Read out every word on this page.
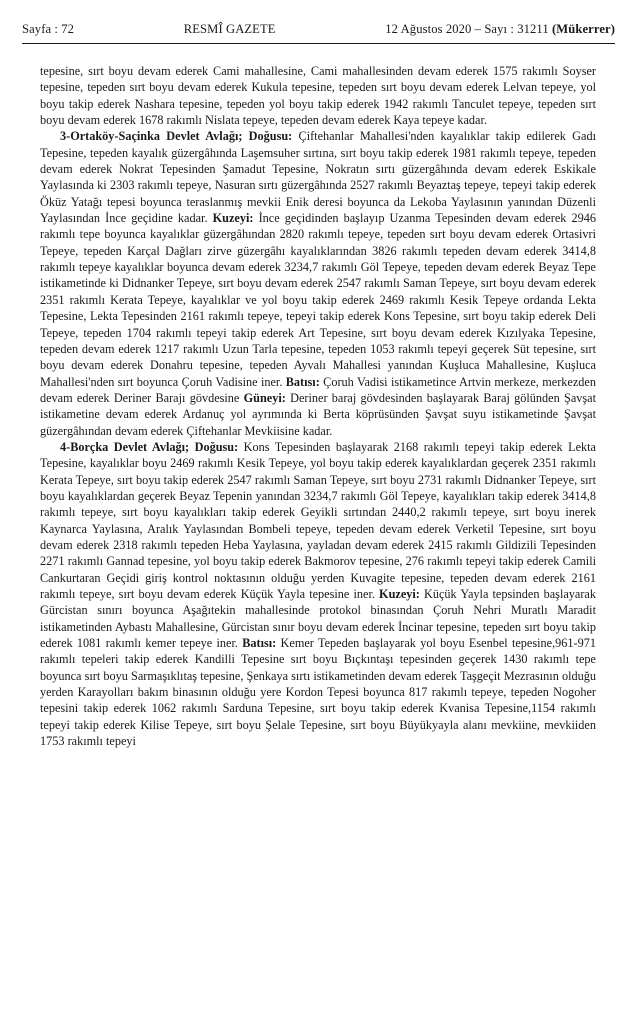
Sayfa : 72	RESMÎ GAZETE	12 Ağustos 2020 – Sayı : 31211 (Mükerrer)

tepesine, sırt boyu devam ederek Cami mahallesine, Cami mahallesinden devam ederek 1575 rakımlı Soyser tepesine, tepeden sırt boyu devam ederek Kukula tepesine, tepeden sırt boyu devam ederek Lelvan tepeye, yol boyu takip ederek Nashara tepesine, tepeden yol boyu takip ederek 1942 rakımlı Tanculet tepeye, tepeden sırt boyu devam ederek 1678 rakımlı Nislata tepeye, tepeden devam ederek Kaya tepeye kadar.

3-Ortaköy-Saçinka Devlet Avlağı; Doğusu: Çiftehanlar Mahallesi'nden kayalıklar takip edilerek Gadı Tepesine, tepeden kayalık güzergâhında Laşemsuher sırtına, sırt boyu takip ederek 1981 rakımlı tepeye, tepeden devam ederek Nokrat Tepesinden Şamadut Tepesine, Nokratın sırtı güzergâhında devam ederek Eskikale Yaylasında ki 2303 rakımlı tepeye, Nasuran sırtı güzergâhında 2527 rakımlı Beyaztaş tepeye, tepeyi takip ederek Öküz Yatağı tepesi boyunca teraslanmış mevkii Enik deresi boyunca da Lekoba Yaylasının yanından Düzenli Yaylasından İnce geçidine kadar. Kuzeyi: İnce geçidinden başlayıp Uzanma Tepesinden devam ederek 2946 rakımlı tepe boyunca kayalıklar güzergâhından 2820 rakımlı tepeye, tepeden sırt boyu devam ederek Ortasivri Tepeye, tepeden Karçal Dağları zirve güzergâhı kayalıklarından 3826 rakımlı tepeden devam ederek 3414,8 rakımlı tepeye kayalıklar boyunca devam ederek 3234,7 rakımlı Göl Tepeye, tepeden devam ederek Beyaz Tepe istikametinde ki Didnanker Tepeye, sırt boyu devam ederek 2547 rakımlı Saman Tepeye, sırt boyu devam ederek 2351 rakımlı Kerata Tepeye, kayalıklar ve yol boyu takip ederek 2469 rakımlı Kesik Tepeye ordanda Lekta Tepesine, Lekta Tepesinden 2161 rakımlı tepeye, tepeyi takip ederek Kons Tepesine, sırt boyu takip ederek Deli Tepeye, tepeden 1704 rakımlı tepeyi takip ederek Art Tepesine, sırt boyu devam ederek Kızılyaka Tepesine, tepeden devam ederek 1217 rakımlı Uzun Tarla tepesine, tepeden 1053 rakımlı tepeyi geçerek Süt tepesine, sırt boyu devam ederek Donahru tepesine, tepeden Ayvalı Mahallesi yanından Kuşluca Mahallesine, Kuşluca Mahallesi'nden sırt boyunca Çoruh Vadisine iner. Batısı: Çoruh Vadisi istikametince Artvin merkeze, merkezden devam ederek Deriner Barajı gövdesine Güneyi: Deriner baraj gövdesinden başlayarak Baraj gölünden Şavşat istikametine devam ederek Ardanuç yol ayrımında ki Berta köprüsünden Şavşat suyu istikametinde Şavşat güzergâhından devam ederek Çiftehanlar Mevkiisine kadar.

4-Borçka Devlet Avlağı; Doğusu: Kons Tepesinden başlayarak 2168 rakımlı tepeyi takip ederek Lekta Tepesine, kayalıklar boyu 2469 rakımlı Kesik Tepeye, yol boyu takip ederek kayalıklardan geçerek 2351 rakımlı Kerata Tepeye, sırt boyu takip ederek 2547 rakımlı Saman Tepeye, sırt boyu 2731 rakımlı Didnanker Tepeye, sırt boyu kayalıklardan geçerek Beyaz Tepenin yanından 3234,7 rakımlı Göl Tepeye, kayalıkları takip ederek 3414,8 rakımlı tepeye, sırt boyu kayalıkları takip ederek Geyikli sırtından 2440,2 rakımlı tepeye, sırt boyu inerek Kaynarca Yaylasına, Aralık Yaylasından Bombeli tepeye, tepeden devam ederek Verketil Tepesine, sırt boyu devam ederek 2318 rakımlı tepeden Heba Yaylasına, yayladan devam ederek 2415 rakımlı Gildizili Tepesinden 2271 rakımlı Gannad tepesine, yol boyu takip ederek Bakmorov tepesine, 276 rakımlı tepeyi takip ederek Camili Cankurtaran Geçidi giriş kontrol noktasının olduğu yerden Kuvagite tepesine, tepeden devam ederek 2161 rakımlı tepeye, sırt boyu devam ederek Küçük Yayla tepesine iner. Kuzeyi: Küçük Yayla tepsinden başlayarak Gürcistan sınırı boyunca Aşağıtekin mahallesinde protokol binasından Çoruh Nehri Muratlı Maradit istikametinden Aybastı Mahallesine, Gürcistan sınır boyu devam ederek İncinar tepesine, tepeden sırt boyu takip ederek 1081 rakımlı kemer tepeye iner. Batısı: Kemer Tepeden başlayarak yol boyu Esenbel tepesine,961-971 rakımlı tepeleri takip ederek Kandilli Tepesine sırt boyu Bıçkıntaşı tepesinden geçerek 1430 rakımlı tepe boyunca sırt boyu Sarmaşıklıtaş tepesine, Şenkaya sırtı istikametinden devam ederek Taşgeçit Mezrasının olduğu yerden Karayolları bakım binasının olduğu yere Kordon Tepesi boyunca 817 rakımlı tepeye, tepeden Nogoher tepesini takip ederek 1062 rakımlı Sarduna Tepesine, sırt boyu takip ederek Kvanisa Tepesine,1154 rakımlı tepeyi takip ederek Kilise Tepeye, sırt boyu Şelale Tepesine, sırt boyu Büyükyayla alanı mevkiine, mevkiiden 1753 rakımlı tepeyi
